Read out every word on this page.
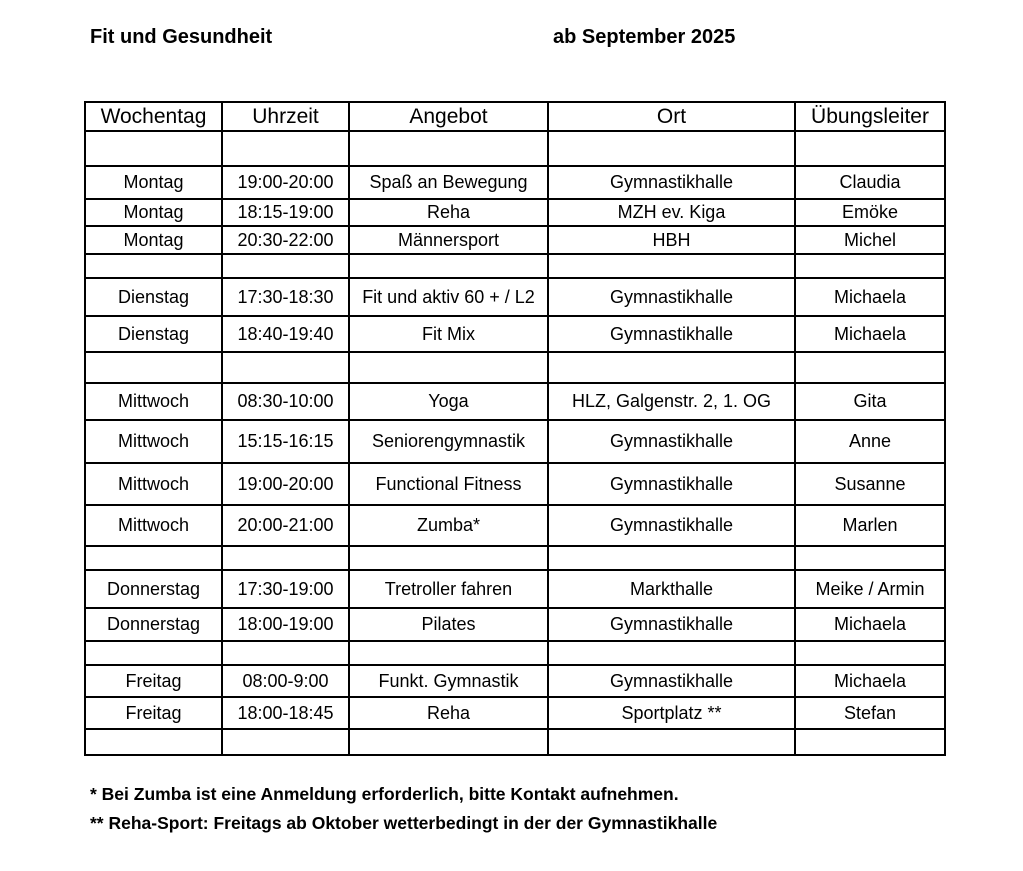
Fit und Gesundheit	ab September 2025
Wochentag	Uhrzeit	Angebot	Ort	Übungsleiter

Montag	19:00-20:00	Spaß an Bewegung	Gymnastikhalle	Claudia
Montag	18:15-19:00	Reha	MZH ev. Kiga	Emöke
Montag	20:30-22:00	Männersport	HBH	Michel

Dienstag	17:30-18:30	Fit und aktiv 60 + / L2	Gymnastikhalle	Michaela
Dienstag	18:40-19:40	Fit Mix	Gymnastikhalle	Michaela

Mittwoch	08:30-10:00	Yoga	HLZ, Galgenstr. 2, 1. OG	Gita
Mittwoch	15:15-16:15	Seniorengymnastik	Gymnastikhalle	Anne
Mittwoch	19:00-20:00	Functional Fitness	Gymnastikhalle	Susanne
Mittwoch	20:00-21:00	Zumba*	Gymnastikhalle	Marlen

Donnerstag	17:30-19:00	Tretroller fahren	Markthalle	Meike / Armin
Donnerstag	18:00-19:00	Pilates	Gymnastikhalle	Michaela

Freitag	08:00-9:00	Funkt. Gymnastik	Gymnastikhalle	Michaela
Freitag	18:00-18:45	Reha	Sportplatz **	Stefan

* Bei Zumba ist eine Anmeldung erforderlich, bitte Kontakt aufnehmen.
** Reha-Sport: Freitags ab Oktober wetterbedingt in der der Gymnastikhalle
